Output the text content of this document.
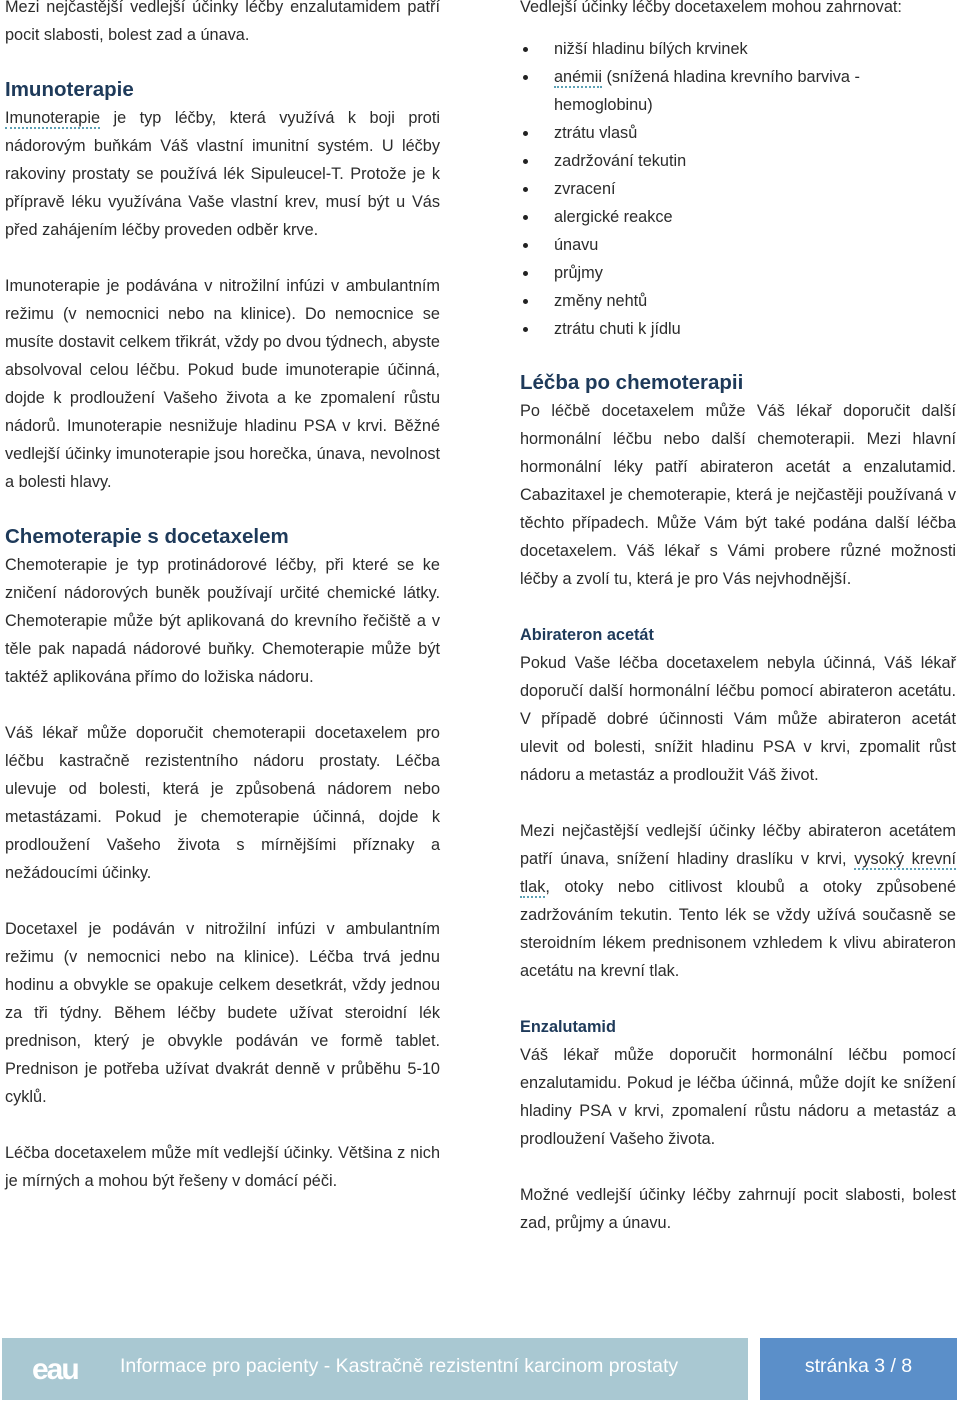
Mezi nejčastější vedlejší účinky léčby enzalutamidem patří pocit slabosti, bolest zad a únava.

Imunoterapie

Imunoterapie je typ léčby, která využívá k boji proti nádorovým buňkám Váš vlastní imunitní systém. U léčby rakoviny prostaty se používá lék Sipuleucel-T. Protože je k přípravě léku využívána Vaše vlastní krev, musí být u Vás před zahájením léčby proveden odběr krve.

Imunoterapie je podávána v nitrožilní infúzi v ambulantním režimu (v nemocnici nebo na klinice). Do nemocnice se musíte dostavit celkem třikrát, vždy po dvou týdnech, abyste absolvoval celou léčbu. Pokud bude imunoterapie účinná, dojde k prodloužení Vašeho života a ke zpomalení růstu nádorů. Imunoterapie nesnižuje hladinu PSA v krvi. Běžné vedlejší účinky imunoterapie jsou horečka, únava, nevolnost a bolesti hlavy.

Chemoterapie s docetaxelem

Chemoterapie je typ protinádorové léčby, při které se ke zničení nádorových buněk používají určité chemické látky. Chemoterapie může být aplikovaná do krevního řečiště a v těle pak napadá nádorové buňky. Chemoterapie může být taktéž aplikována přímo do ložiska nádoru.

Váš lékař může doporučit chemoterapii docetaxelem pro léčbu kastračně rezistentního nádoru prostaty. Léčba ulevuje od bolesti, která je způsobená nádorem nebo metastázami. Pokud je chemoterapie účinná, dojde k prodloužení Vašeho života s mírnějšími příznaky a nežádoucími účinky.

Docetaxel je podáván v nitrožilní infúzi v ambulantním režimu (v nemocnici nebo na klinice). Léčba trvá jednu hodinu a obvykle se opakuje celkem desetkrát, vždy jednou za tři týdny. Během léčby budete užívat steroidní lék prednison, který je obvykle podáván ve formě tablet. Prednison je potřeba užívat dvakrát denně v průběhu 5-10 cyklů.

Léčba docetaxelem může mít vedlejší účinky. Většina z nich je mírných a mohou být řešeny v domácí péči.

Vedlejší účinky léčby docetaxelem mohou zahrnovat:

nižší hladinu bílých krvinek
anémii (snížená hladina krevního barviva - hemoglobinu)
ztrátu vlasů
zadržování tekutin
zvracení
alergické reakce
únavu
průjmy
změny nehtů
ztrátu chuti k jídlu
Léčba po chemoterapii

Po léčbě docetaxelem může Váš lékař doporučit další hormonální léčbu nebo další chemoterapii. Mezi hlavní hormonální léky patří abirateron acetát a enzalutamid. Cabazitaxel je chemoterapie, která je nejčastěji používaná v těchto případech. Může Vám být také podána další léčba docetaxelem. Váš lékař s Vámi probere různé možnosti léčby a zvolí tu, která je pro Vás nejvhodnější.

Abirateron acetát

Pokud Vaše léčba docetaxelem nebyla účinná, Váš lékař doporučí další hormonální léčbu pomocí abirateron acetátu. V případě dobré účinnosti Vám může abirateron acetát ulevit od bolesti, snížit hladinu PSA v krvi, zpomalit růst nádoru a metastáz a prodloužit Váš život.

Mezi nejčastější vedlejší účinky léčby abirateron acetátem patří únava, snížení hladiny draslíku v krvi, vysoký krevní tlak, otoky nebo citlivost kloubů a otoky způsobené zadržováním tekutin. Tento lék se vždy užívá současně se steroidním lékem prednisonem vzhledem k vlivu abirateron acetátu na krevní tlak.

Enzalutamid

Váš lékař může doporučit hormonální léčbu pomocí enzalutamidu. Pokud je léčba účinná, může dojít ke snížení hladiny PSA v krvi, zpomalení růstu nádoru a metastáz a prodloužení Vašeho života.

Možné vedlejší účinky léčby zahrnují pocit slabosti, bolest zad, průjmy a únavu.

eau Informace pro pacienty - Kastračně rezistentní karcinom prostaty	stránka 3 / 8
